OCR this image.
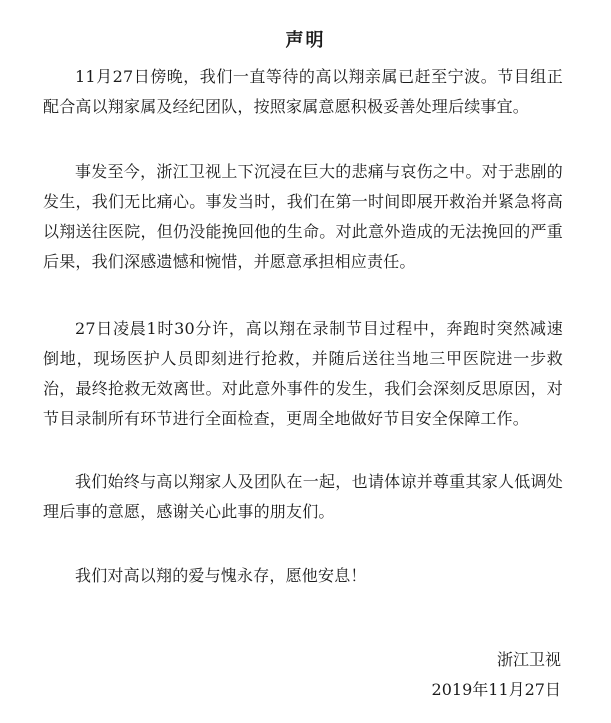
声明

11月27日傍晚，我们一直等待的高以翔亲属已赶至宁波。节目组正配合高以翔家属及经纪团队，按照家属意愿积极妥善处理后续事宜。

事发至今，浙江卫视上下沉浸在巨大的悲痛与哀伤之中。对于悲剧的发生，我们无比痛心。事发当时，我们在第一时间即展开救治并紧急将高以翔送往医院，但仍没能挽回他的生命。对此意外造成的无法挽回的严重后果，我们深感遗憾和惋惜，并愿意承担相应责任。

27日凌晨1时30分许，高以翔在录制节目过程中，奔跑时突然减速倒地，现场医护人员即刻进行抢救，并随后送往当地三甲医院进一步救治，最终抢救无效离世。对此意外事件的发生，我们会深刻反思原因，对节目录制所有环节进行全面检查，更周全地做好节目安全保障工作。

我们始终与高以翔家人及团队在一起，也请体谅并尊重其家人低调处理后事的意愿，感谢关心此事的朋友们。

我们对高以翔的爱与愧永存，愿他安息！

浙江卫视
2019年11月27日
